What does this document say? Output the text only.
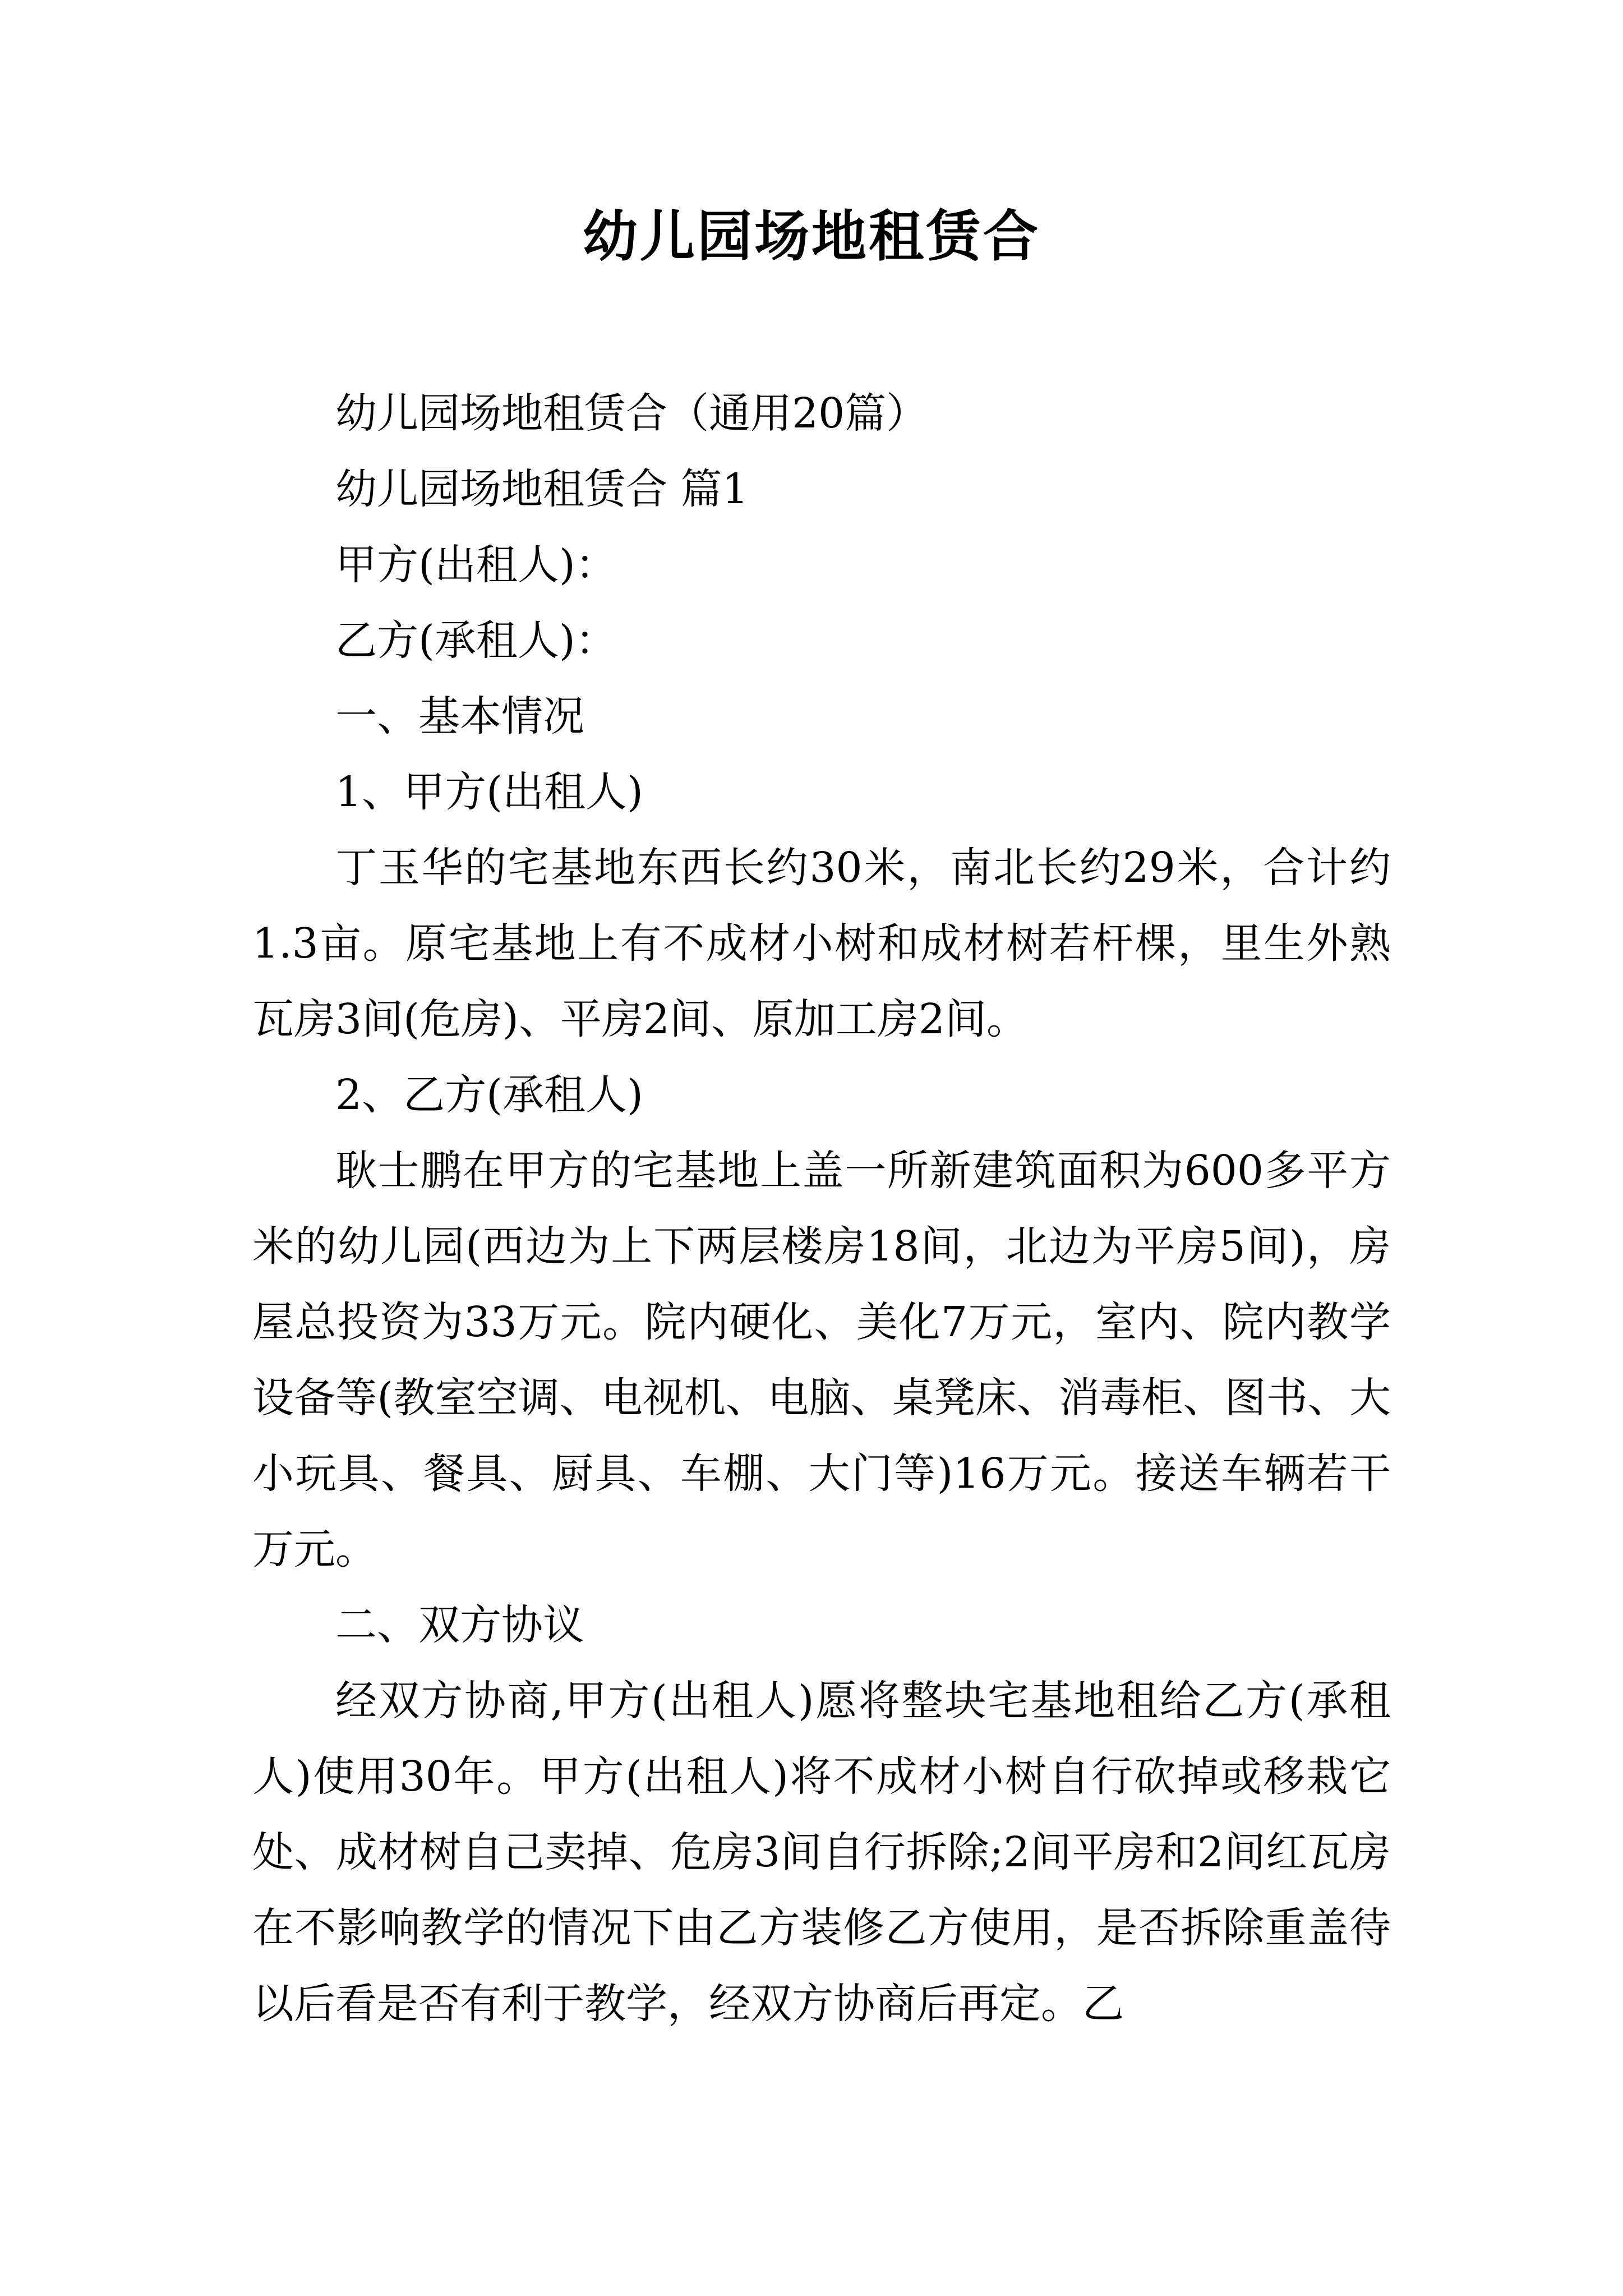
幼儿园场地租赁合

幼儿园场地租赁合（通用20篇）

幼儿园场地租赁合 篇1

甲方(出租人)：

乙方(承租人)：

一、基本情况

1、甲方(出租人)

丁玉华的宅基地东西长约30米，南北长约29米，合计约1.3亩。原宅基地上有不成材小树和成材树若杆棵，里生外熟瓦房3间(危房)、平房2间、原加工房2间。

2、乙方(承租人)

耿士鹏在甲方的宅基地上盖一所新建筑面积为600多平方米的幼儿园(西边为上下两层楼房18间，北边为平房5间)，房屋总投资为33万元。院内硬化、美化7万元，室内、院内教学设备等(教室空调、电视机、电脑、桌凳床、消毒柜、图书、大小玩具、餐具、厨具、车棚、大门等)16万元。接送车辆若干万元。

二、双方协议

经双方协商,甲方(出租人)愿将整块宅基地租给乙方(承租人)使用30年。甲方(出租人)将不成材小树自行砍掉或移栽它处、成材树自己卖掉、危房3间自行拆除;2间平房和2间红瓦房在不影响教学的情况下由乙方装修乙方使用，是否拆除重盖待以后看是否有利于教学，经双方协商后再定。乙
